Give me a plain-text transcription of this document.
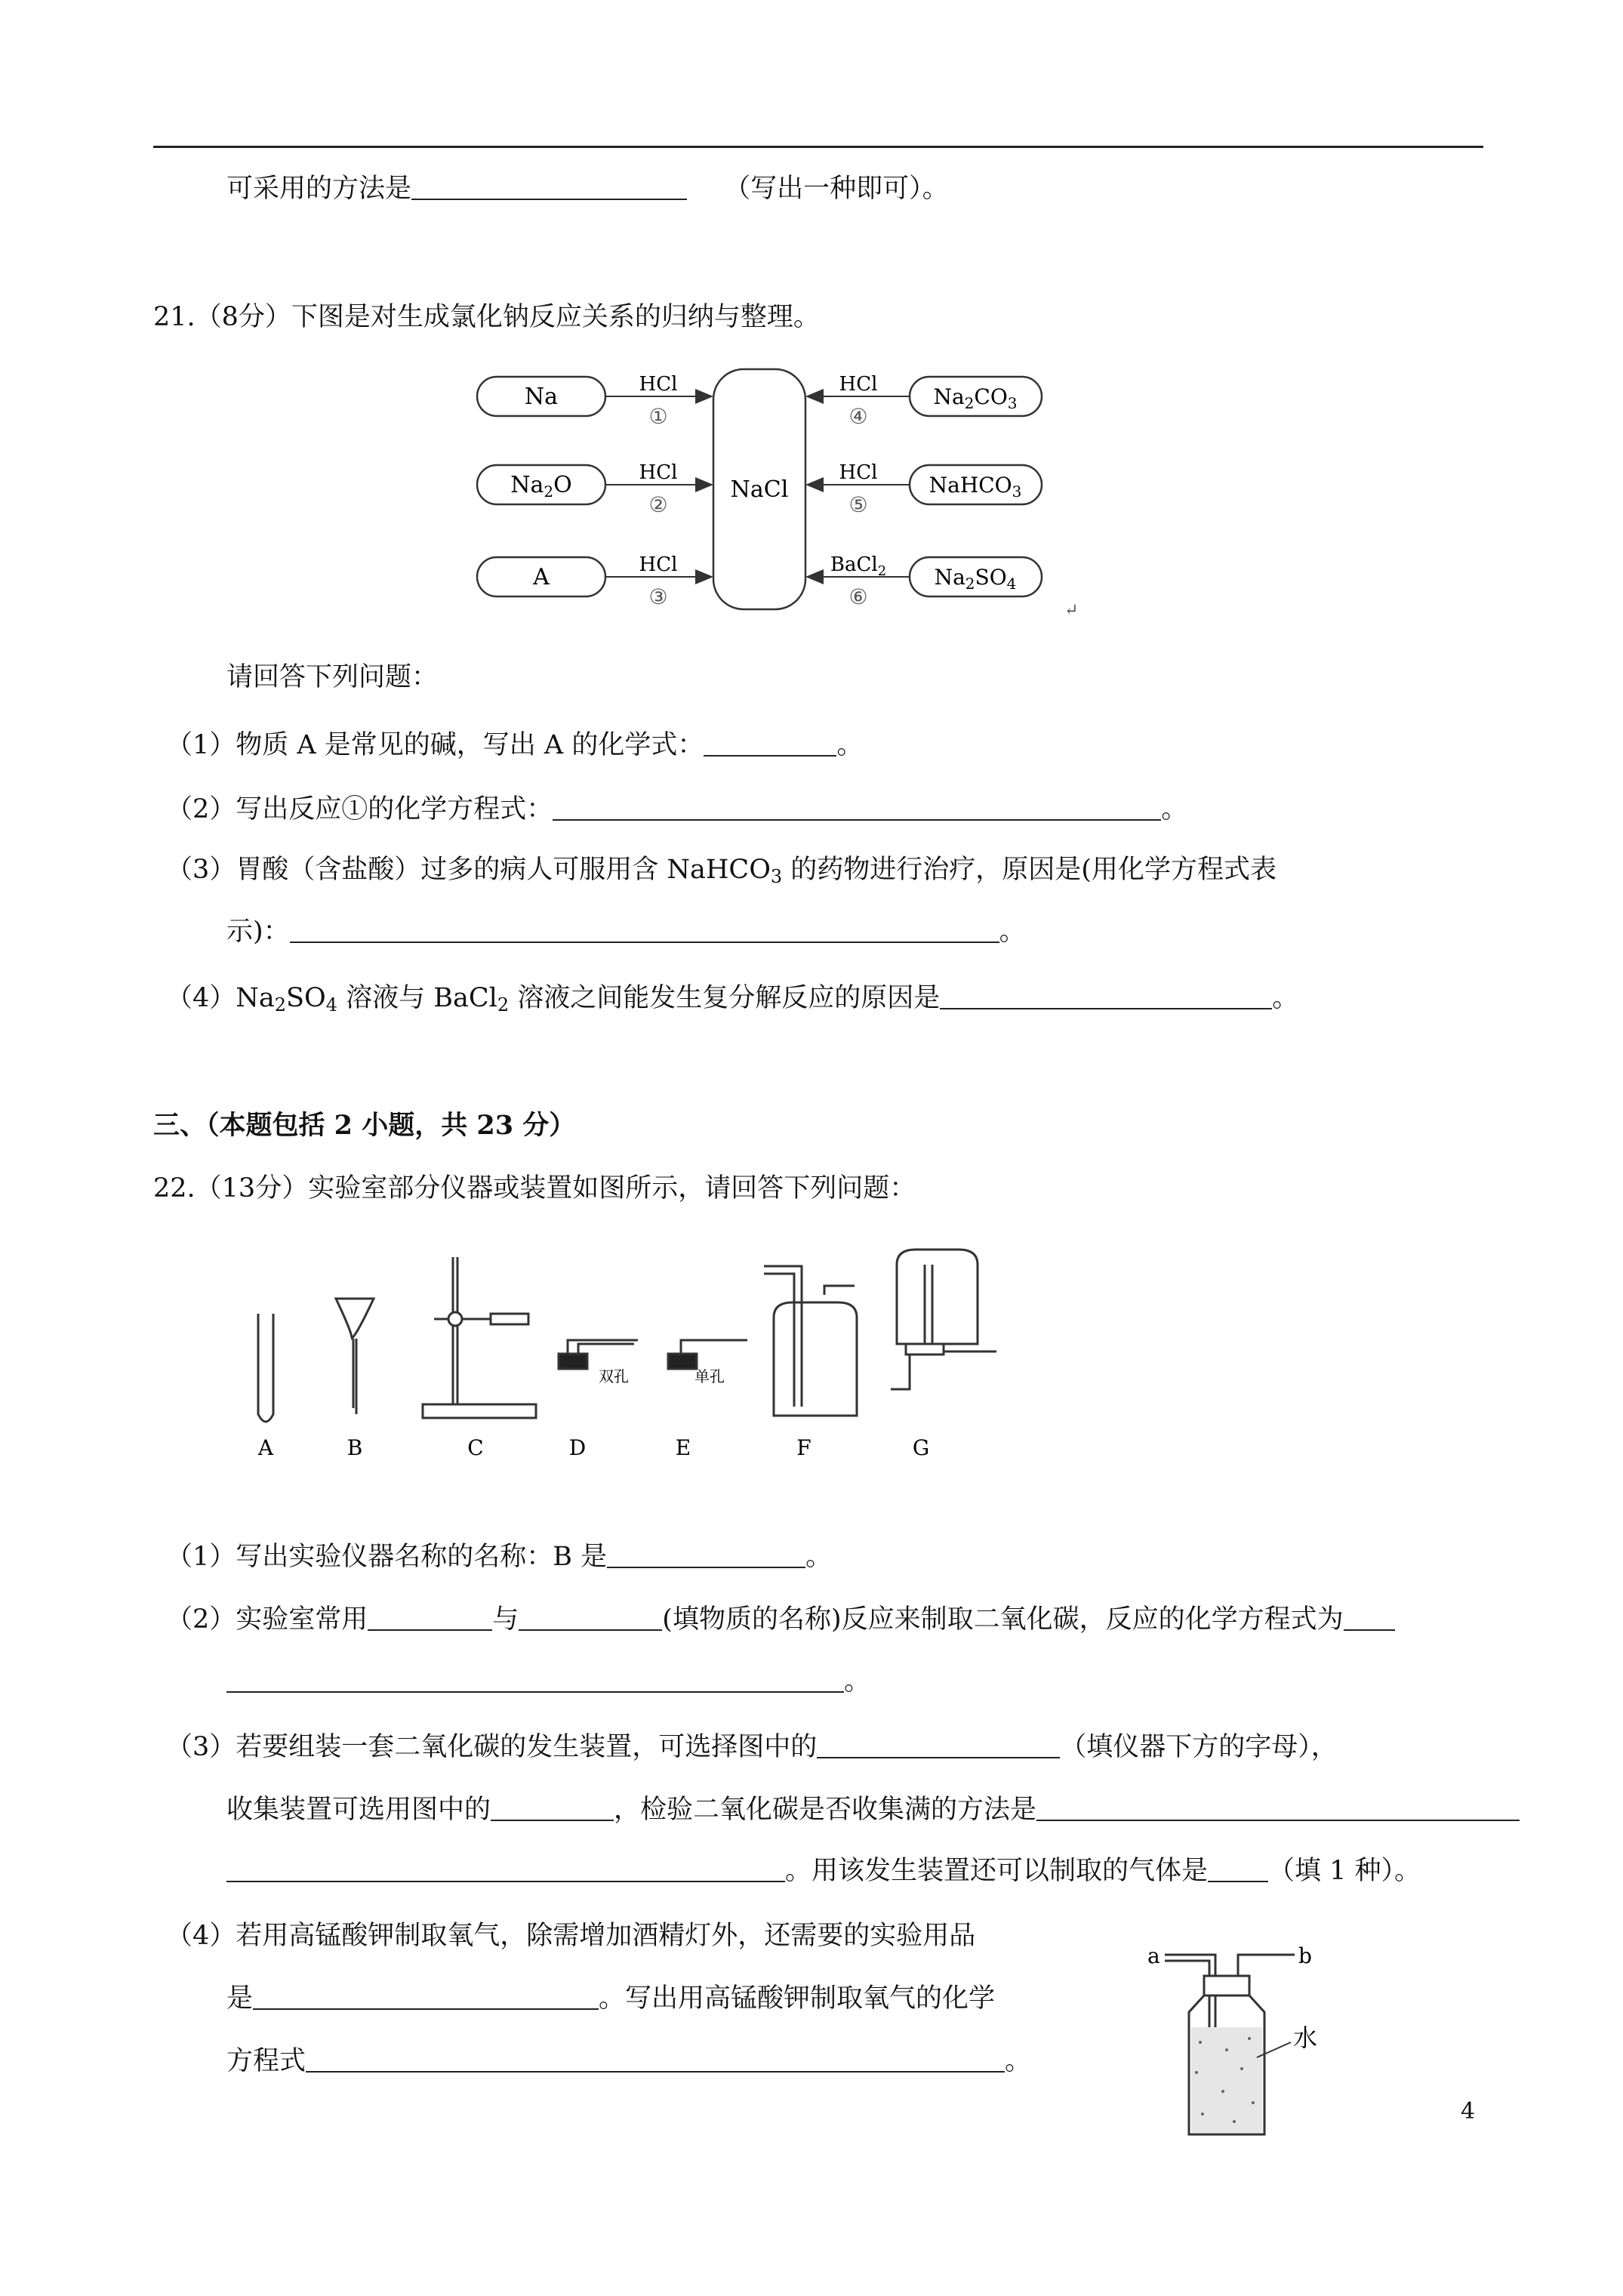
可采用的方法是	（写出一种即可）。
21.（8分）下图是对生成氯化钠反应关系的归纳与整理。
NaCl
Na	HCl
①
$Na_2O$	HCl
②
A	HCl
③
$Na_2CO_3$
HCl
④
NaHCO$_3$
HCl
⑤
$Na_2SO_4$
BaCl$_2$
⑥
↵
请回答下列问题：
（1）物质 A 是常见的碱，写出 A 的化学式：	。
（2）写出反应①的化学方程式：	。
（3）胃酸（含盐酸）过多的病人可服用含 NaHCO$_3$ 的药物进行治疗，原因是(用化学方程式表
示)：	。
$(4)Na_2SO_4$ 溶液与 BaCl$_2$ 溶液之间能发生复分解反应的原因是	。
三、（本题包括 2 小题，共 23 分）
22.（13分）实验室部分仪器或装置如图所示，请回答下列问题：
双孔	单孔
A	B	C	D	E	F	G
（1）写出实验仪器名称的名称：B 是	。
（2）实验室常用	与	(填物质的名称)反应来制取二氧化碳，反应的化学方程式为
。
（3）若要组装一套二氧化碳的发生装置，可选择图中的	（填仪器下方的字母），
收集装置可选用图中的	，检验二氧化碳是否收集满的方法是
。用该发生装置还可以制取的气体是 （填 1 种）。
（4）若用高锰酸钾制取氧气，除需增加酒精灯外，还需要的实验用品
是	。写出用高锰酸钾制取氧气的化学
方程式	。
a	b
水
4
